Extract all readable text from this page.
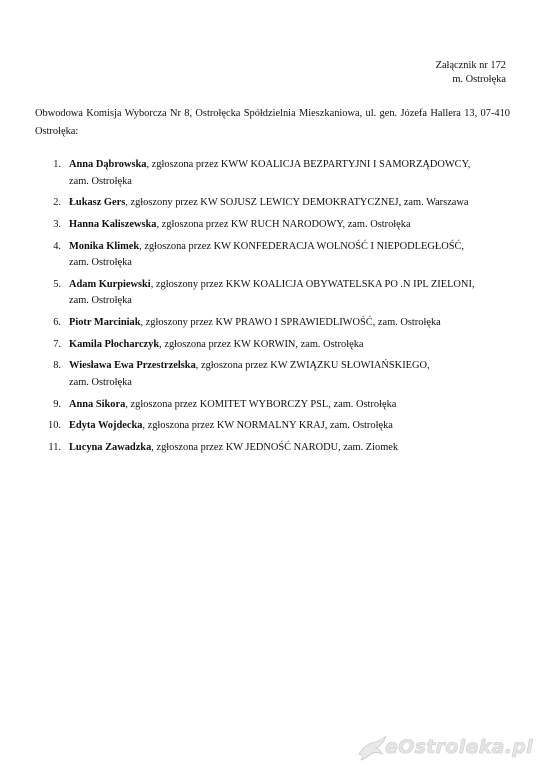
Załącznik nr 172
m. Ostrołęka

Obwodowa Komisja Wyborcza Nr 8, Ostrołęcka Spółdzielnia Mieszkaniowa, ul. gen. Józefa Hallera 13, 07-410 Ostrołęka:

1. Anna Dąbrowska, zgłoszona przez KWW KOALICJA BEZPARTYJNI I SAMORZĄDOWCY,
zam. Ostrołęka
2. Łukasz Gers, zgłoszony przez KW SOJUSZ LEWICY DEMOKRATYCZNEJ, zam. Warszawa
3. Hanna Kaliszewska, zgłoszona przez KW RUCH NARODOWY, zam. Ostrołęka
4. Monika Klimek, zgłoszona przez KW KONFEDERACJA WOLNOŚĆ I NIEPODLEGŁOŚĆ,
zam. Ostrołęka
5. Adam Kurpiewski, zgłoszony przez KKW KOALICJA OBYWATELSKA PO .N IPL ZIELONI,
zam. Ostrołęka
6. Piotr Marciniak, zgłoszony przez KW PRAWO I SPRAWIEDLIWOŚĆ, zam. Ostrołęka
7. Kamila Płocharczyk, zgłoszona przez KW KORWIN, zam. Ostrołęka
8. Wiesława Ewa Przestrzelska, zgłoszona przez KW ZWIĄZKU SŁOWIAŃSKIEGO,
zam. Ostrołęka
9. Anna Sikora, zgłoszona przez KOMITET WYBORCZY PSL, zam. Ostrołęka
10. Edyta Wojdecka, zgłoszona przez KW NORMALNY KRAJ, zam. Ostrołęka
11. Lucyna Zawadzka, zgłoszona przez KW JEDNOŚĆ NARODU, zam. Ziomek
eOstroleka.pl
